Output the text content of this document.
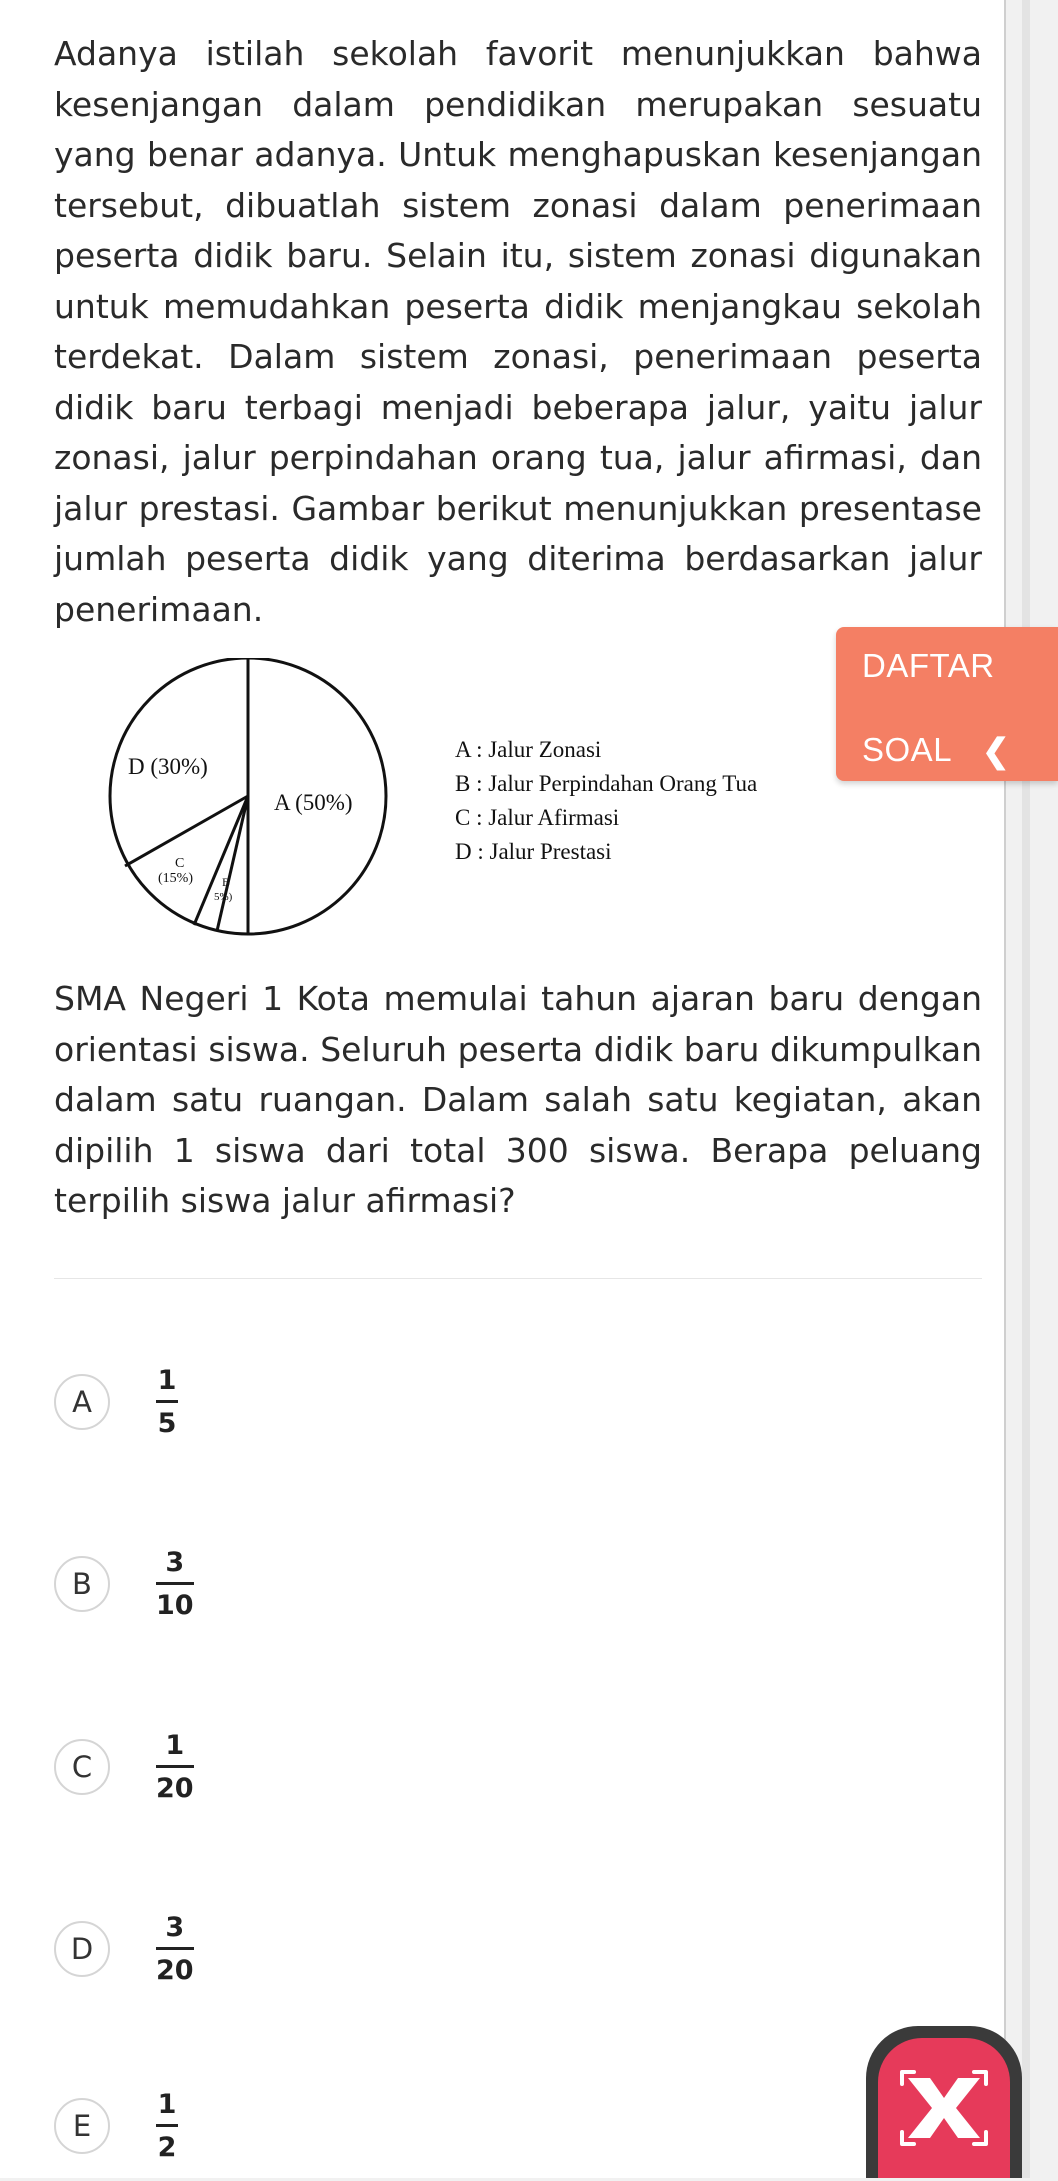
Adanya istilah sekolah favorit menunjukkan bahwa kesenjangan dalam pendidikan merupakan sesuatu yang benar adanya. Untuk menghapuskan kesenjangan tersebut, dibuatlah sistem zonasi dalam penerimaan peserta didik baru. Selain itu, sistem zonasi digunakan untuk memudahkan peserta didik menjangkau sekolah terdekat. Dalam sistem zonasi, penerimaan peserta didik baru terbagi menjadi beberapa jalur, yaitu jalur zonasi, jalur perpindahan orang tua, jalur afirmasi, dan jalur prestasi. Gambar berikut menunjukkan presentase jumlah peserta didik yang diterima berdasarkan jalur penerimaan.

D (30%)
A (50%)
C
(15%) B
5%)
A : Jalur Zonasi
B : Jalur Perpindahan Orang Tua
C : Jalur Afirmasi
D : Jalur Prestasi

SMA Negeri 1 Kota memulai tahun ajaran baru dengan orientasi siswa. Seluruh peserta didik baru dikumpulkan dalam satu ruangan. Dalam salah satu kegiatan, akan dipilih 1 siswa dari total 300 siswa. Berapa peluang terpilih siswa jalur afirmasi?

A	$\frac{1}{5}$
B	$\frac{3}{10}$
C	$\frac{1}{20}$
D	$\frac{3}{20}$
E	$\frac{1}{2}$
DAFTAR
SOAL ❮
